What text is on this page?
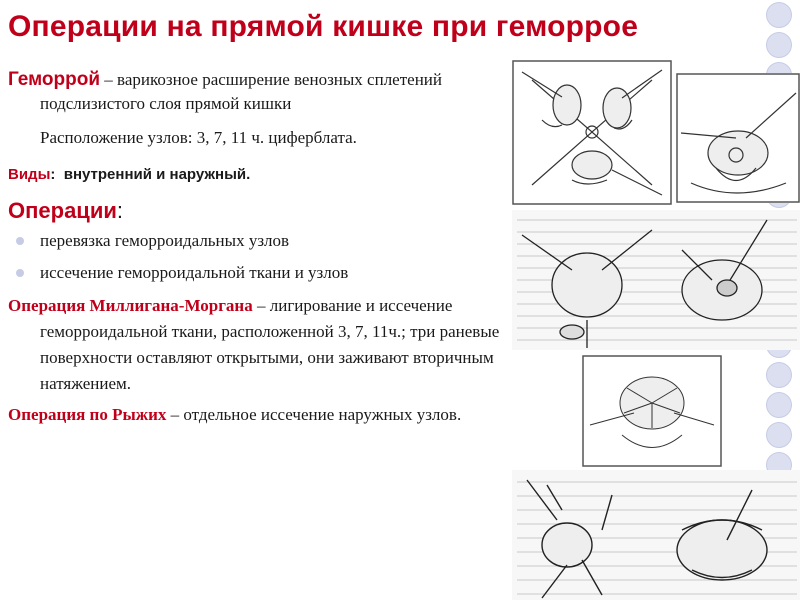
Операции на прямой кишке при геморрое

Геморрой – варикозное расширение венозных сплетений подслизистого слоя прямой кишки

Расположение узлов: 3, 7, 11 ч. циферблата.

Виды:  внутренний и наружный.

Операции:
перевязка геморроидальных узлов
иссечение геморроидальной ткани и узлов

Операция Миллигана-Моргана – лигирование и иссечение геморроидальной ткани, расположенной 3, 7, 11ч.; три раневые поверхности оставляют открытыми, они заживают вторичным натяжением.

Операция по Рыжих – отдельное иссечение наружных узлов.
